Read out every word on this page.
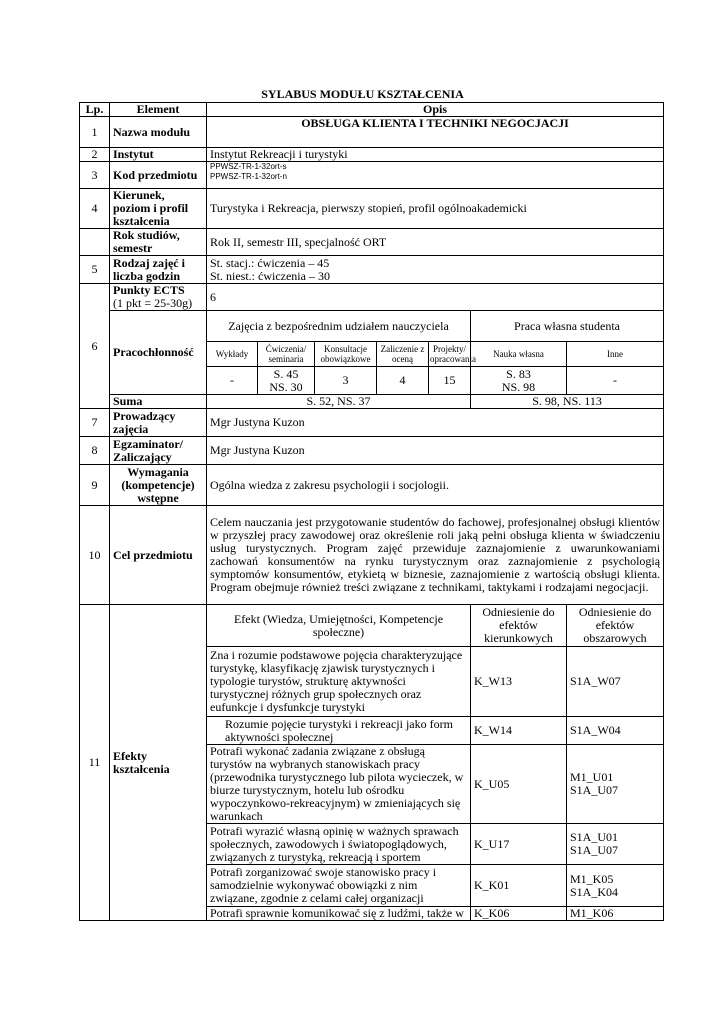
SYLABUS MODUŁU KSZTAŁCENIA
Lp.	Element	Opis						
1	Nazwa modułu	OBSŁUGA KLIENTA I TECHNIKI NEGOCJACJI						
2	Instytut	Instytut Rekreacji i turystyki						
3	Kod przedmiotu	PPWSZ-TR-1-32ort-s
PPWSZ-TR-1-32ort-n						

4	Kierunek, poziom i profil kształcenia	Turystyka i Rekreacja, pierwszy stopień, profil ogólnoakademicki						
	Rok studiów, semestr	Rok II, semestr III, specjalność ORT						
5	Rodzaj zajęć i liczba godzin	St. stacj.: ćwiczenia – 45
St. niest.: ćwiczenia – 30						

6	Punkty ECTS
(1 pkt = 25-30g)	6						
	Pracochłonność	Zajęcia z bezpośrednim udziałem nauczyciela					Praca własna studenta	
		Wykłady	Ćwiczenia/ seminaria	Konsultacje obowiązkowe	Zaliczenie z oceną	Projekty/ opracowania	Nauka własna	Inne
		-	S. 45
NS. 30	3	4	15	S. 83
NS. 98	-
	Suma	S. 52, NS. 37					S. 98, NS. 113	
7	Prowadzący zajęcia	Mgr Justyna Kuzon						
8	Egzaminator/ Zaliczający	Mgr Justyna Kuzon						
9	Wymagania (kompetencje) wstępne	Ogólna wiedza z zakresu psychologii i socjologii.						
10	Cel przedmiotu	Celem nauczania jest przygotowanie studentów do fachowej, profesjonalnej obsługi klientów w przyszłej pracy zawodowej oraz określenie roli jaką pełni obsługa klienta w świadczeniu usług turystycznych. Program zajęć przewiduje zaznajomienie z uwarunkowaniami zachowań konsumentów na rynku turystycznym oraz zaznajomienie z psychologią symptomów konsumentów, etykietą w biznesie, zaznajomienie z wartością obsługi klienta. Program obejmuje również treści związane z technikami, taktykami i rodzajami negocjacji.						
11	Efekty kształcenia	Efekt (Wiedza, Umiejętności, Kompetencje społeczne)					Odniesienie do efektów kierunkowych	Odniesienie do efektów obszarowych
		Zna i rozumie podstawowe pojęcia charakteryzujące turystykę, klasyfikację zjawisk turystycznych i typologie turystów, strukturę aktywności turystycznej różnych grup społecznych oraz eufunkcje i dysfunkcje turystyki					K_W13	S1A_W07
		Rozumie pojęcie turystyki i rekreacji jako form aktywności społecznej					K_W14	S1A_W04
		Potrafi wykonać zadania związane z obsługą turystów na wybranych stanowiskach pracy (przewodnika turystycznego lub pilota wycieczek, w biurze turystycznym, hotelu lub ośrodku wypoczynkowo-rekreacyjnym) w zmieniających się warunkach					K_U05	M1_U01
S1A_U07
		Potrafi wyrazić własną opinię w ważnych sprawach społecznych, zawodowych i światopoglądowych, związanych z turystyką, rekreacją i sportem					K_U17	S1A_U01
S1A_U07
		Potrafi zorganizować swoje stanowisko pracy i samodzielnie wykonywać obowiązki z nim związane, zgodnie z celami całej organizacji					K_K01	M1_K05
S1A_K04
		Potrafi sprawnie komunikować się z ludźmi, także w					K_K06	M1_K06
